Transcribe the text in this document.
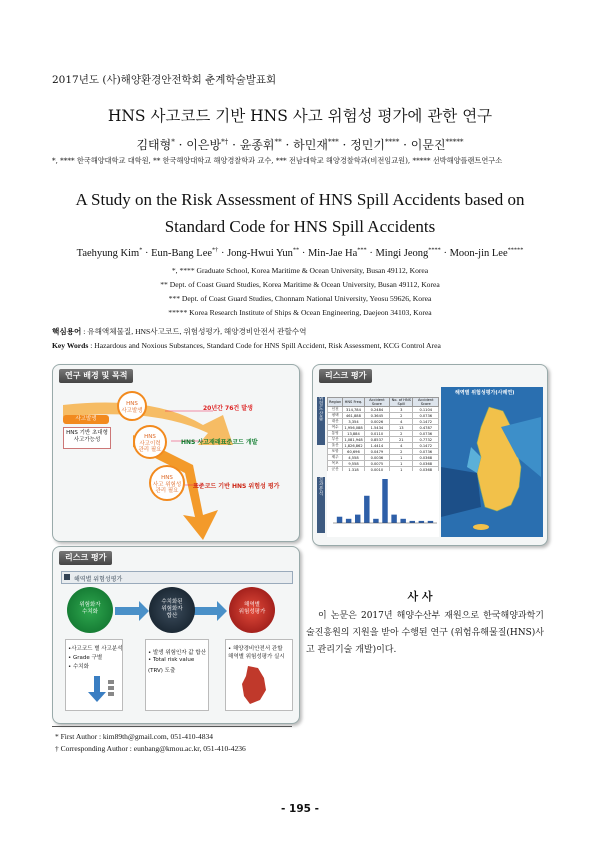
2017년도 (사)해양환경안전학회 춘계학술발표회
HNS 사고코드 기반 HNS 사고 위험성 평가에 관한 연구
김태형* · 이은방*† · 윤종휘** · 하민재*** · 정민기**** · 이문진*****
*, **** 한국해양대학교 대학원, ** 한국해양대학교 해양경찰학과 교수, *** 전남대학교 해양경찰학과(비전임교원), ***** 선박해양플랜트연구소
A Study on the Risk Assessment of HNS Spill Accidents based on
Standard Code for HNS Spill Accidents
Taehyung Kim* · Eun-Bang Lee*† · Jong-Hwui Yun** · Min-Jae Ha*** · Mingi Jeong**** · Moon-jin Lee*****
*, **** Graduate School, Korea Maritime & Ocean University, Busan 49112, Korea
** Dept. of Coast Guard Studies, Korea Maritime & Ocean University, Busan 49112, Korea
*** Dept. of Coast Guard Studies, Chonnam National University, Yeosu 59626, Korea
***** Korea Research Institute of Ships & Ocean Engineering, Daejeon 34103, Korea
핵심용어 : 유해액체물질, HNS사고코드, 위험성평가, 해양경비안전서 관할수역
Key Words : Hazardous and Noxious Substances, Standard Code for HNS Spill Accident, Risk Assessment, KCG Control Area
연구 배경 및 목적
사고발생
HNS 기반 초대형
사고가능성
HNS
사고발생	20년간 76건 발생
HNS
사고이력
관리 필요
HNS 사고재래표준코드 개발
HNS
사고 위험성
관리 필요
표준코드 기반 HNS 위험성 평가
리스크 평가
위
험
도
산
출
결
과
분
석
Region	HNS Freq.	Accident Score	No. of HNS Spill	Accident Score
인천	314,784	0.2484	3	0.1104
평택	461,888	0.3645	2	0.0736
대산	3,354	0.0026	4	0.1472
여수	1,956,088	1.5434	13	0.4787
통영	13,884	0.0110	2	0.0736
부산	1,081,948	0.8537	21	0.7732
울산	1,826,862	1.4414	4	0.1472
포항	60,696	0.0479	2	0.0736
제주	4,558	0.0036	1	0.0368
목포	9,558	0.0075	1	0.0368
군산	1,318	0.0010	1	0.0368
해역별 위험성평가(사례연)
리스크 평가
해역별 위험성평가
위험화자
수치화
수치화된
위험화자
합산
해역별
위험성평가
•사고코드 별 사고분석
• Grade 구별
• 수치화
• 발생 위험인자 값 합산
• Total risk value
(TRV) 도출
• 해양경비안전서 관할
해역별 위험성평가 실시
사 사
이 논문은 2017년 해양수산부 재원으로 한국해양과학기술진흥원의 지원을 받아 수행된 연구 (위험유해물질(HNS)사고 관리기술 개발)이다.
* First Author : kim89th@gmail.com, 051-410-4834
† Corresponding Author : eunbang@kmou.ac.kr, 051-410-4236
- 195 -
